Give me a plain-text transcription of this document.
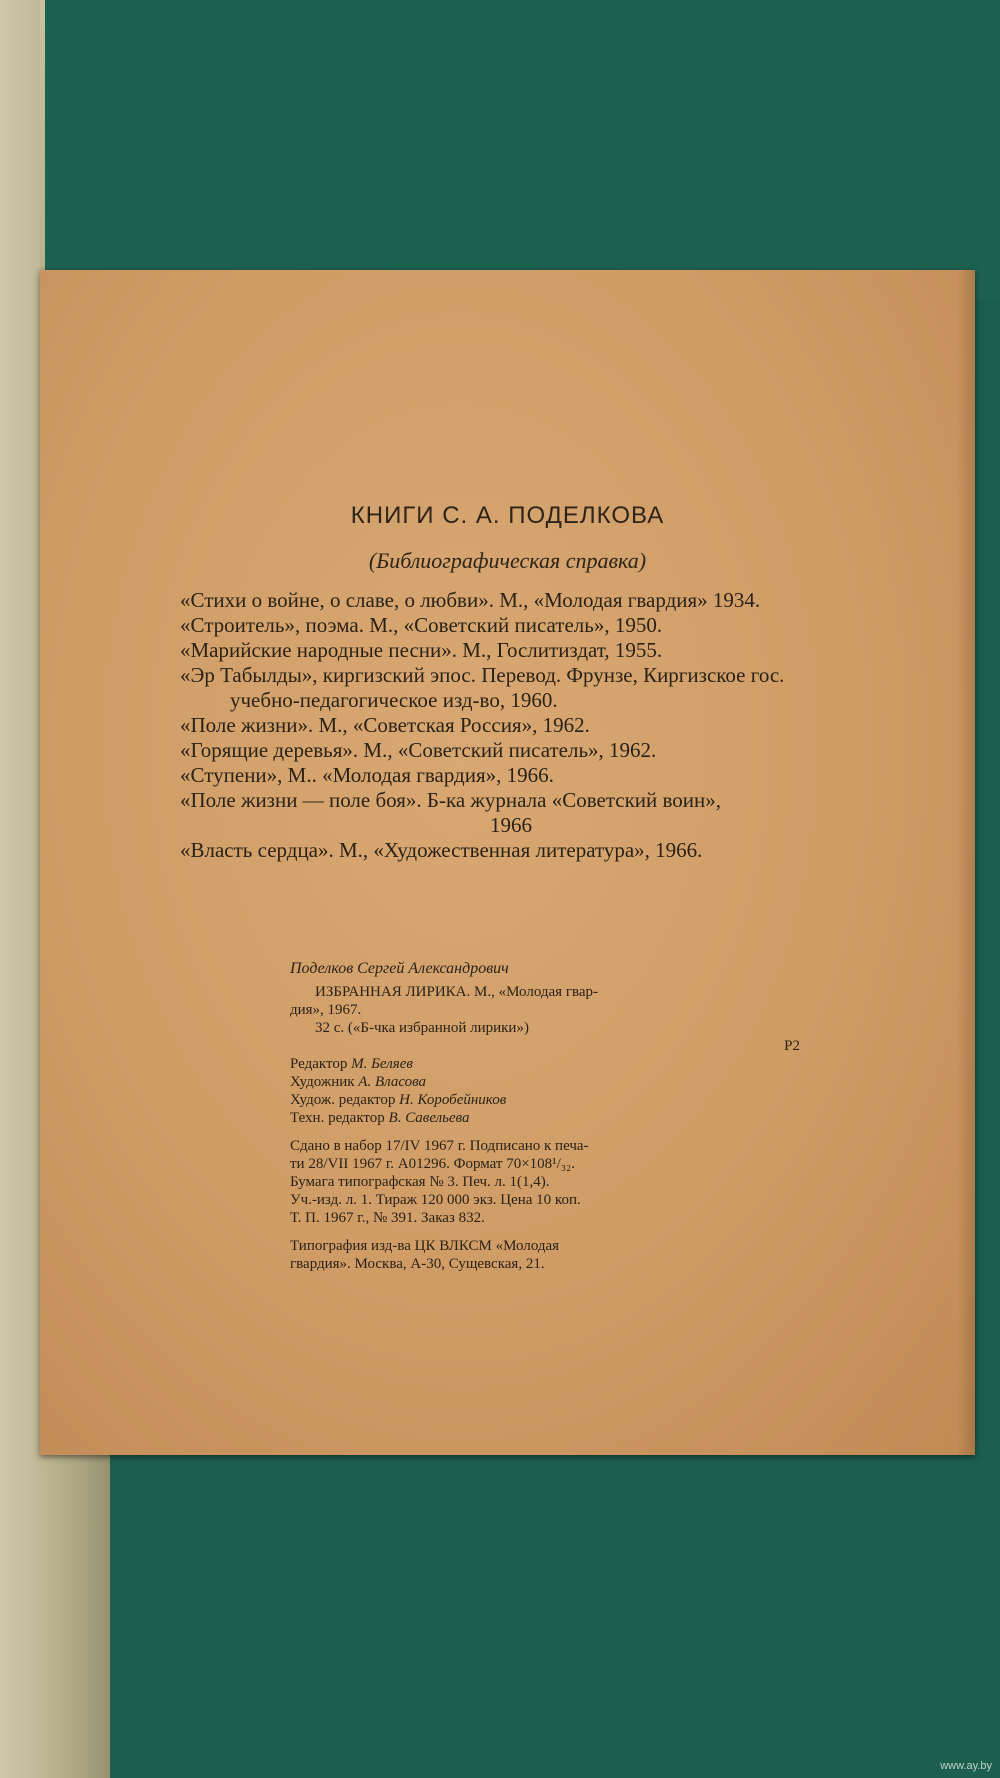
КНИГИ С. А. ПОДЕЛКОВА
(Библиографическая справка)

«Стихи о войне, о славе, о любви». М., «Молодая гвардия» 1934.

«Строитель», поэма. М., «Советский писатель», 1950.

«Марийские народные песни». М., Гослитиздат, 1955.

«Эр Табылды», киргизский эпос. Перевод. Фрунзе, Киргизское гос.
учебно-педагогическое изд-во, 1960.

«Поле жизни». М., «Советская Россия», 1962.

«Горящие деревья». М., «Советский писатель», 1962.

«Ступени», М.. «Молодая гвардия», 1966.

«Поле жизни — поле боя». Б-ка журнала «Советский воин»,
1966

«Власть сердца». М., «Художественная литература», 1966.

Поделков Сергей Александрович

ИЗБРАННАЯ ЛИРИКА. М., «Молодая гвар-

дия», 1967.

32 с. («Б-чка избранной лирики»)
Р2

Редактор М. Беляев

Художник А. Власова

Худож. редактор Н. Коробейников

Техн. редактор В. Савельева

Сдано в набор 17/IV 1967 г. Подписано к печа-

ти 28/VII 1967 г. А01296. Формат 70×108¹/₃₂.

Бумага типографская № 3. Печ. л. 1(1,4).

Уч.-изд. л. 1. Тираж 120 000 экз. Цена 10 коп.

Т. П. 1967 г., № 391. Заказ 832.

Типография изд-ва ЦК ВЛКСМ «Молодая

гвардия». Москва, А-30, Сущевская, 21.

www.ay.by
